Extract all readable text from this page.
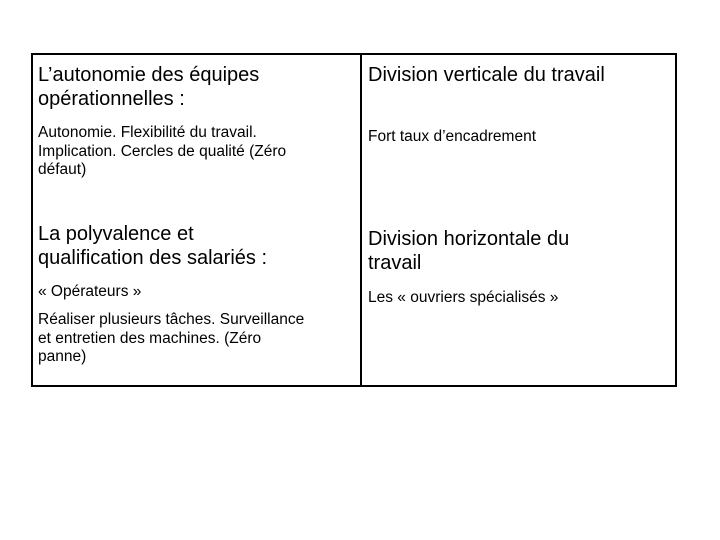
L’autonomie des équipes
opérationnelles :
Autonomie. Flexibilité du travail.
Implication. Cercles de qualité (Zéro
défaut)
La polyvalence et
qualification des salariés :
« Opérateurs »
Réaliser plusieurs tâches. Surveillance
et entretien des machines. (Zéro
panne)
Division verticale du travail
Fort taux d’encadrement
Division horizontale du
travail
Les « ouvriers spécialisés »
